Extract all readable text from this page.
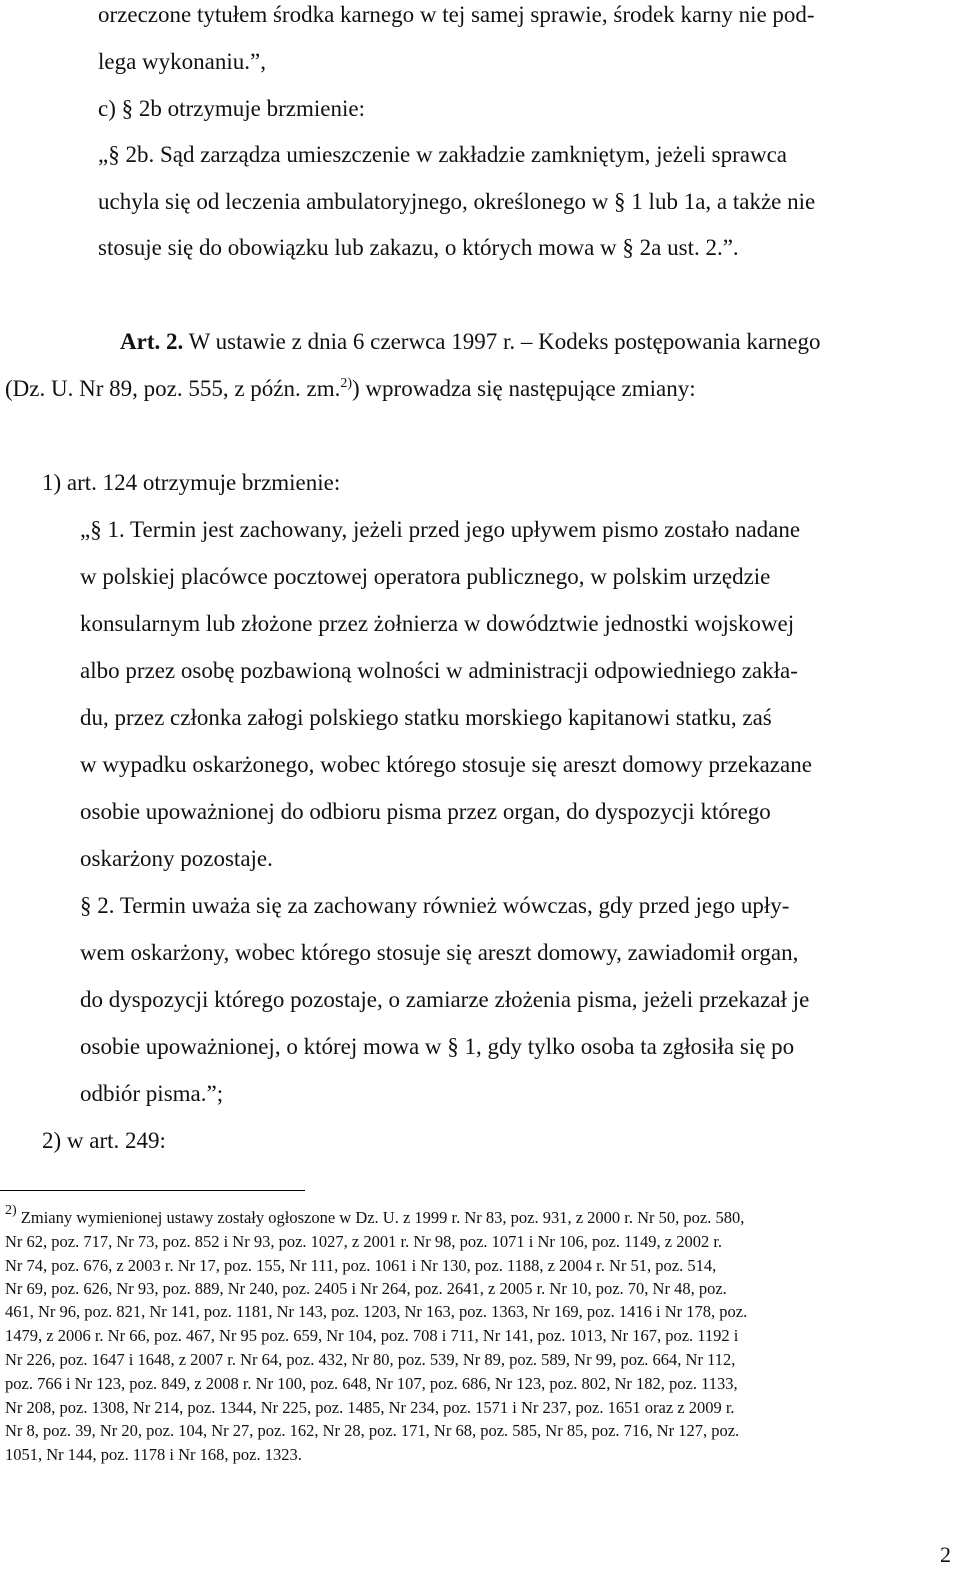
orzeczone tytułem środka karnego w tej samej sprawie, środek karny nie pod-
lega wykonaniu.”,
c) § 2b otrzymuje brzmienie:
„§ 2b. Sąd zarządza umieszczenie w zakładzie zamkniętym, jeżeli sprawca
uchyla się od leczenia ambulatoryjnego, określonego w § 1 lub 1a, a także nie
stosuje się do obowiązku lub zakazu, o których mowa w § 2a ust. 2.”.
Art. 2. W ustawie z dnia 6 czerwca 1997 r. – Kodeks postępowania karnego
(Dz. U. Nr 89, poz. 555, z późn. zm.$^{2)}$) wprowadza się następujące zmiany:
1) art. 124 otrzymuje brzmienie:
„§ 1. Termin jest zachowany, jeżeli przed jego upływem pismo zostało nadane
w polskiej placówce pocztowej operatora publicznego, w polskim urzędzie
konsularnym lub złożone przez żołnierza w dowództwie jednostki wojskowej
albo przez osobę pozbawioną wolności w administracji odpowiedniego zakła-
du, przez członka załogi polskiego statku morskiego kapitanowi statku, zaś
w wypadku oskarżonego, wobec którego stosuje się areszt domowy przekazane
osobie upoważnionej do odbioru pisma przez organ, do dyspozycji którego
oskarżony pozostaje.
§ 2. Termin uważa się za zachowany również wówczas, gdy przed jego upły-
wem oskarżony, wobec którego stosuje się areszt domowy, zawiadomił organ,
do dyspozycji którego pozostaje, o zamiarze złożenia pisma, jeżeli przekazał je
osobie upoważnionej, o której mowa w § 1, gdy tylko osoba ta zgłosiła się po
odbiór pisma.”;
2) w art. 249:
$^{2)}$ Zmiany wymienionej ustawy zostały ogłoszone w Dz. U. z 1999 r. Nr 83, poz. 931, z 2000 r. Nr 50, poz. 580,
Nr 62, poz. 717, Nr 73, poz. 852 i Nr 93, poz. 1027, z 2001 r. Nr 98, poz. 1071 i Nr 106, poz. 1149, z 2002 r.
Nr 74, poz. 676, z 2003 r. Nr 17, poz. 155, Nr 111, poz. 1061 i Nr 130, poz. 1188, z 2004 r. Nr 51, poz. 514,
Nr 69, poz. 626, Nr 93, poz. 889, Nr 240, poz. 2405 i Nr 264, poz. 2641, z 2005 r. Nr 10, poz. 70, Nr 48, poz.
461, Nr 96, poz. 821, Nr 141, poz. 1181, Nr 143, poz. 1203, Nr 163, poz. 1363, Nr 169, poz. 1416 i Nr 178, poz.
1479, z 2006 r. Nr 66, poz. 467, Nr 95 poz. 659, Nr 104, poz. 708 i 711, Nr 141, poz. 1013, Nr 167, poz. 1192 i
Nr 226, poz. 1647 i 1648, z 2007 r. Nr 64, poz. 432, Nr 80, poz. 539, Nr 89, poz. 589, Nr 99, poz. 664, Nr 112,
poz. 766 i Nr 123, poz. 849, z 2008 r. Nr 100, poz. 648, Nr 107, poz. 686, Nr 123, poz. 802, Nr 182, poz. 1133,
Nr 208, poz. 1308, Nr 214, poz. 1344, Nr 225, poz. 1485, Nr 234, poz. 1571 i Nr 237, poz. 1651 oraz z 2009 r.
Nr 8, poz. 39, Nr 20, poz. 104, Nr 27, poz. 162, Nr 28, poz. 171, Nr 68, poz. 585, Nr 85, poz. 716, Nr 127, poz.
1051, Nr 144, poz. 1178 i Nr 168, poz. 1323.
2
